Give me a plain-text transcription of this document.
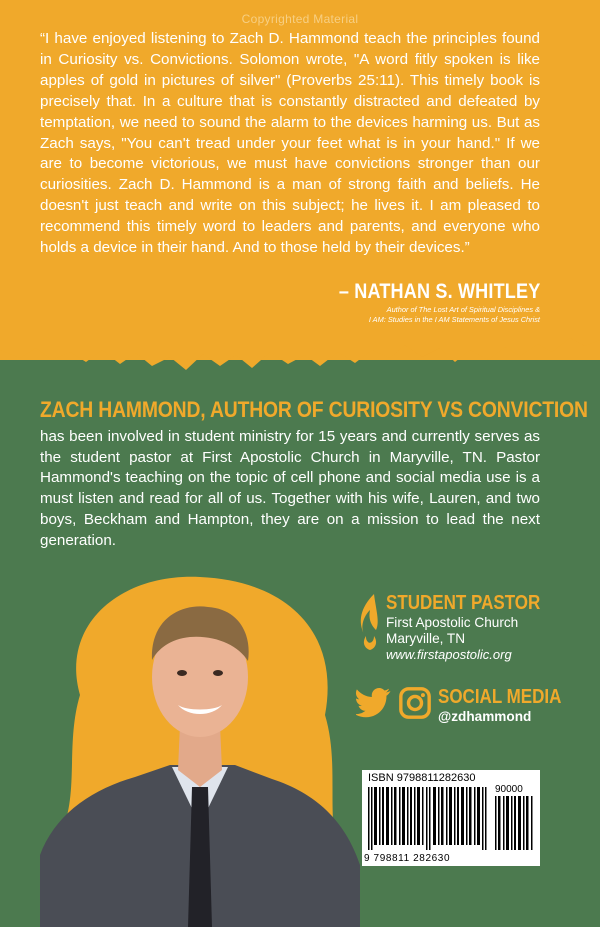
Copyrighted Material
“I have enjoyed listening to Zach D. Hammond teach the principles found in Curiosity vs. Convictions. Solomon wrote, "A word fitly spoken is like apples of gold in pictures of silver" (Proverbs 25:11). This timely book is precisely that. In a culture that is constantly distracted and defeated by temptation, we need to sound the alarm to the devices harming us. But as Zach says, "You can't tread under your feet what is in your hand." If we are to become victorious, we must have convictions stronger than our curiosities. Zach D. Hammond is a man of strong faith and beliefs. He doesn't just teach and write on this subject; he lives it. I am pleased to recommend this timely word to leaders and parents, and everyone who holds a device in their hand. And to those held by their devices.”
– NATHAN S. WHITLEY
Author of The Lost Art of Spiritual Disciplines &
I AM: Studies in the I AM Statements of Jesus Christ
ZACH HAMMOND, AUTHOR OF CURIOSITY VS CONVICTION
has been involved in student ministry for 15 years and currently serves as the student pastor at First Apostolic Church in Maryville, TN. Pastor Hammond's teaching on the topic of cell phone and social media use is a must listen and read for all of us. Together with his wife, Lauren, and two boys, Beckham and Hampton, they are on a mission to lead the next generation.
STUDENT PASTOR
First Apostolic Church
Maryville, TN
www.firstapostolic.org
SOCIAL MEDIA
@zdhammond
ISBN 9798811282630
90000
9 798811 282630
